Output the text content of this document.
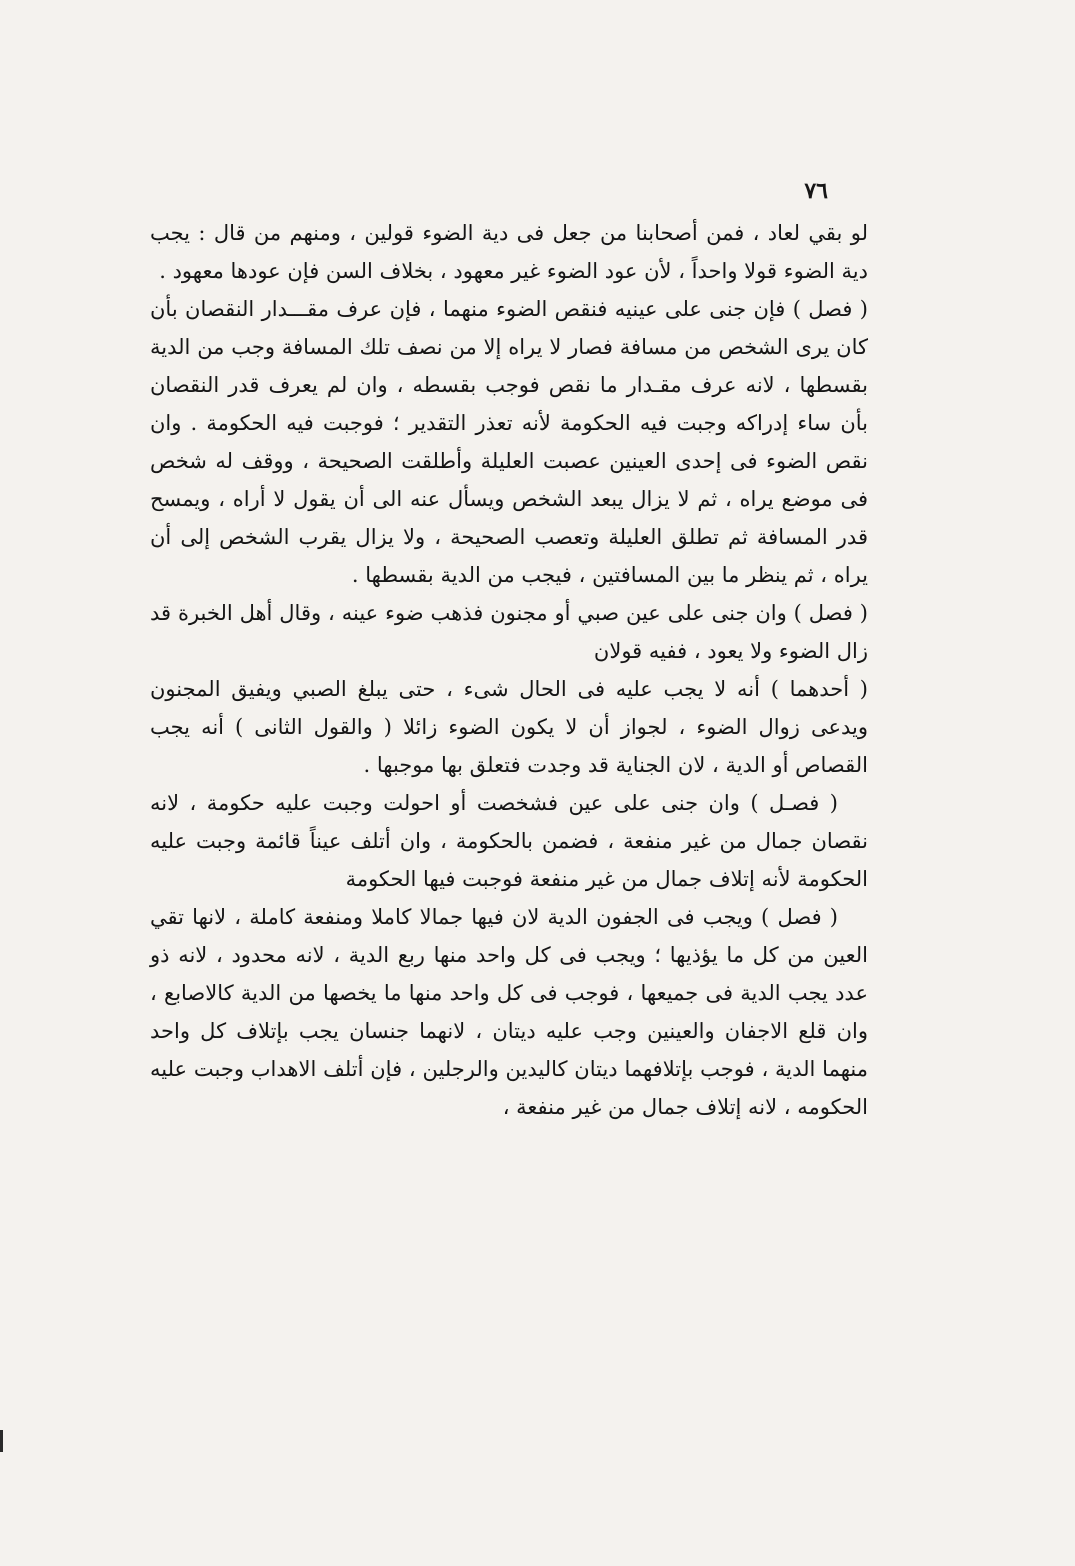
٧٦

لو بقي لعاد ، فمن أصحابنا من جعل فى دية الضوء قولين ، ومنهم من قال : يجب دية الضوء قولا واحداً ، لأن عود الضوء غير معهود ، بخلاف السن فإن عودها معهود .

( فصل ) فإن جنى على عينيه فنقص الضوء منهما ، فإن عرف مقـــدار النقصان بأن كان يرى الشخص من مسافة فصار لا يراه إلا من نصف تلك المسافة وجب من الدية بقسطها ، لانه عرف مقـدار ما نقص فوجب بقسطه ، وان لم يعرف قدر النقصان بأن ساء إدراكه وجبت فيه الحكومة لأنه تعذر التقدير ؛ فوجبت فيه الحكومة . وان نقص الضوء فى إحدى العينين عصبت العليلة وأطلقت الصحيحة ، ووقف له شخص فى موضع يراه ، ثم لا يزال يبعد الشخص ويسأل عنه الى أن يقول لا أراه ، ويمسح قدر المسافة ثم تطلق العليلة وتعصب الصحيحة ، ولا يزال يقرب الشخص إلى أن يراه ، ثم ينظر ما بين المسافتين ، فيجب من الدية بقسطها .

( فصل ) وان جنى على عين صبي أو مجنون فذهب ضوء عينه ، وقال أهل الخبرة قد زال الضوء ولا يعود ، ففيه قولان

( أحدهما ) أنه لا يجب عليه فى الحال شىء ، حتى يبلغ الصبي ويفيق المجنون ويدعى زوال الضوء ، لجواز أن لا يكون الضوء زائلا ( والقول الثانى ) أنه يجب القصاص أو الدية ، لان الجناية قد وجدت فتعلق بها موجبها .

( فصـل ) وان جنى على عين فشخصت أو احولت وجبت عليه حكومة ، لانه نقصان جمال من غير منفعة ، فضمن بالحكومة ، وان أتلف عيناً قائمة وجبت عليه الحكومة لأنه إتلاف جمال من غير منفعة فوجبت فيها الحكومة

( فصل ) ويجب فى الجفون الدية لان فيها جمالا كاملا ومنفعة كاملة ، لانها تقي العين من كل ما يؤذيها ؛ ويجب فى كل واحد منها ربع الدية ، لانه محدود ، لانه ذو عدد يجب الدية فى جميعها ، فوجب فى كل واحد منها ما يخصها من الدية كالاصابع ، وان قلع الاجفان والعينين وجب عليه ديتان ، لانهما جنسان يجب بإتلاف كل واحد منهما الدية ، فوجب بإتلافهما ديتان كاليدين والرجلين ، فإن أتلف الاهداب وجبت عليه الحكومه ، لانه إتلاف جمال من غير منفعة ،
